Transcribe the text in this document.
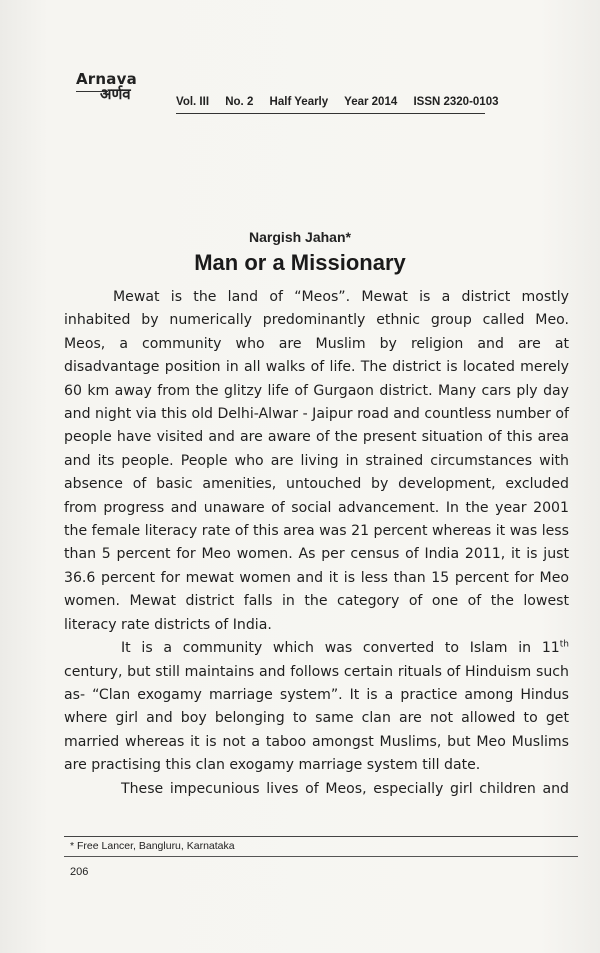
Arnava
अर्णव	Vol. III No. 2 Half Yearly Year 2014 ISSN 2320-0103
Nargish Jahan*
Man or a Missionary

Mewat is the land of “Meos”. Mewat is a district mostly inhabited by numerically predominantly ethnic group called Meo. Meos, a community who are Muslim by religion and are at disadvantage position in all walks of life. The district is located merely 60 km away from the glitzy life of Gurgaon district. Many cars ply day and night via this old Delhi-Alwar - Jaipur road and countless number of people have visited and are aware of the present situation of this area and its people. People who are living in strained circumstances with absence of basic amenities, untouched by development, excluded from progress and unaware of social advancement. In the year 2001 the female literacy rate of this area was 21 percent whereas it was less than 5 percent for Meo women. As per census of India 2011, it is just 36.6 percent for mewat women and it is less than 15 percent for Meo women. Mewat district falls in the category of one of the lowest literacy rate districts of India.

It is a community which was converted to Islam in 11th century, but still maintains and follows certain rituals of Hinduism such as- “Clan exogamy marriage system”. It is a practice among Hindus where girl and boy belonging to same clan are not allowed to get married whereas it is not a taboo amongst Muslims, but Meo Muslims are practising this clan exogamy marriage system till date.

These impecunious lives of Meos, especially girl children and

* Free Lancer, Bangluru, Karnataka
206
